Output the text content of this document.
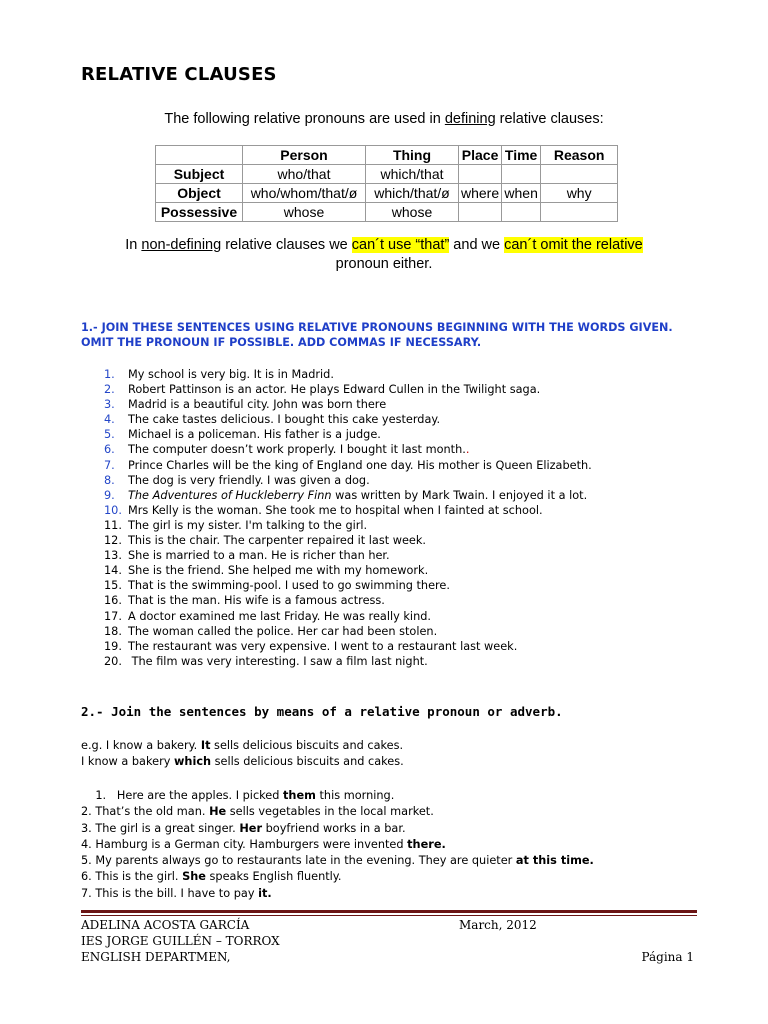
RELATIVE CLAUSES
The following relative pronouns are used in defining relative clauses:
	Person	Thing	Place	Time	Reason
Subject	who/that	which/that			
Object	who/whom/that/ø	which/that/ø	where	when	why
Possessive	whose	whose			
In non-defining relative clauses we can´t use “that” and we can´t omit the relative
pronoun either.
1.- JOIN THESE SENTENCES USING RELATIVE PRONOUNS BEGINNING WITH THE WORDS GIVEN. OMIT THE PRONOUN IF POSSIBLE. ADD COMMAS IF NECESSARY.
1. My school is very big. It is in Madrid.
2. Robert Pattinson is an actor. He plays Edward Cullen in the Twilight saga.
3. Madrid is a beautiful city. John was born there
4. The cake tastes delicious. I bought this cake yesterday.
5. Michael is a policeman. His father is a judge.
6. The computer doesn’t work properly. I bought it last month..
7. Prince Charles will be the king of England one day. His mother is Queen Elizabeth.
8. The dog is very friendly. I was given a dog.
9. The Adventures of Huckleberry Finn was written by Mark Twain. I enjoyed it a lot.
10. Mrs Kelly is the woman. She took me to hospital when I fainted at school.
11. The girl is my sister. I'm talking to the girl.
12. This is the chair. The carpenter repaired it last week.
13. She is married to a man. He is richer than her.
14. She is the friend. She helped me with my homework.
15. That is the swimming-pool. I used to go swimming there.
16. That is the man. His wife is a famous actress.
17. A doctor examined me last Friday. He was really kind.
18. The woman called the police. Her car had been stolen.
19. The restaurant was very expensive. I went to a restaurant last week.
20. The film was very interesting. I saw a film last night.
2.- Join the sentences by means of a relative pronoun or adverb.
e.g. I know a bakery. It sells delicious biscuits and cakes.
I know a bakery which sells delicious biscuits and cakes.
1.   Here are the apples. I picked them this morning.
2. That’s the old man. He sells vegetables in the local market.
3. The girl is a great singer. Her boyfriend works in a bar.
4. Hamburg is a German city. Hamburgers were invented there.
5. My parents always go to restaurants late in the evening. They are quieter at this time.
6. This is the girl. She speaks English fluently.
7. This is the bill. I have to pay it.
ADELINA ACOSTA GARCÍA	March, 2012
IES JORGE GUILLÉN – TORROX
ENGLISH DEPARTMEN,	Página 1
